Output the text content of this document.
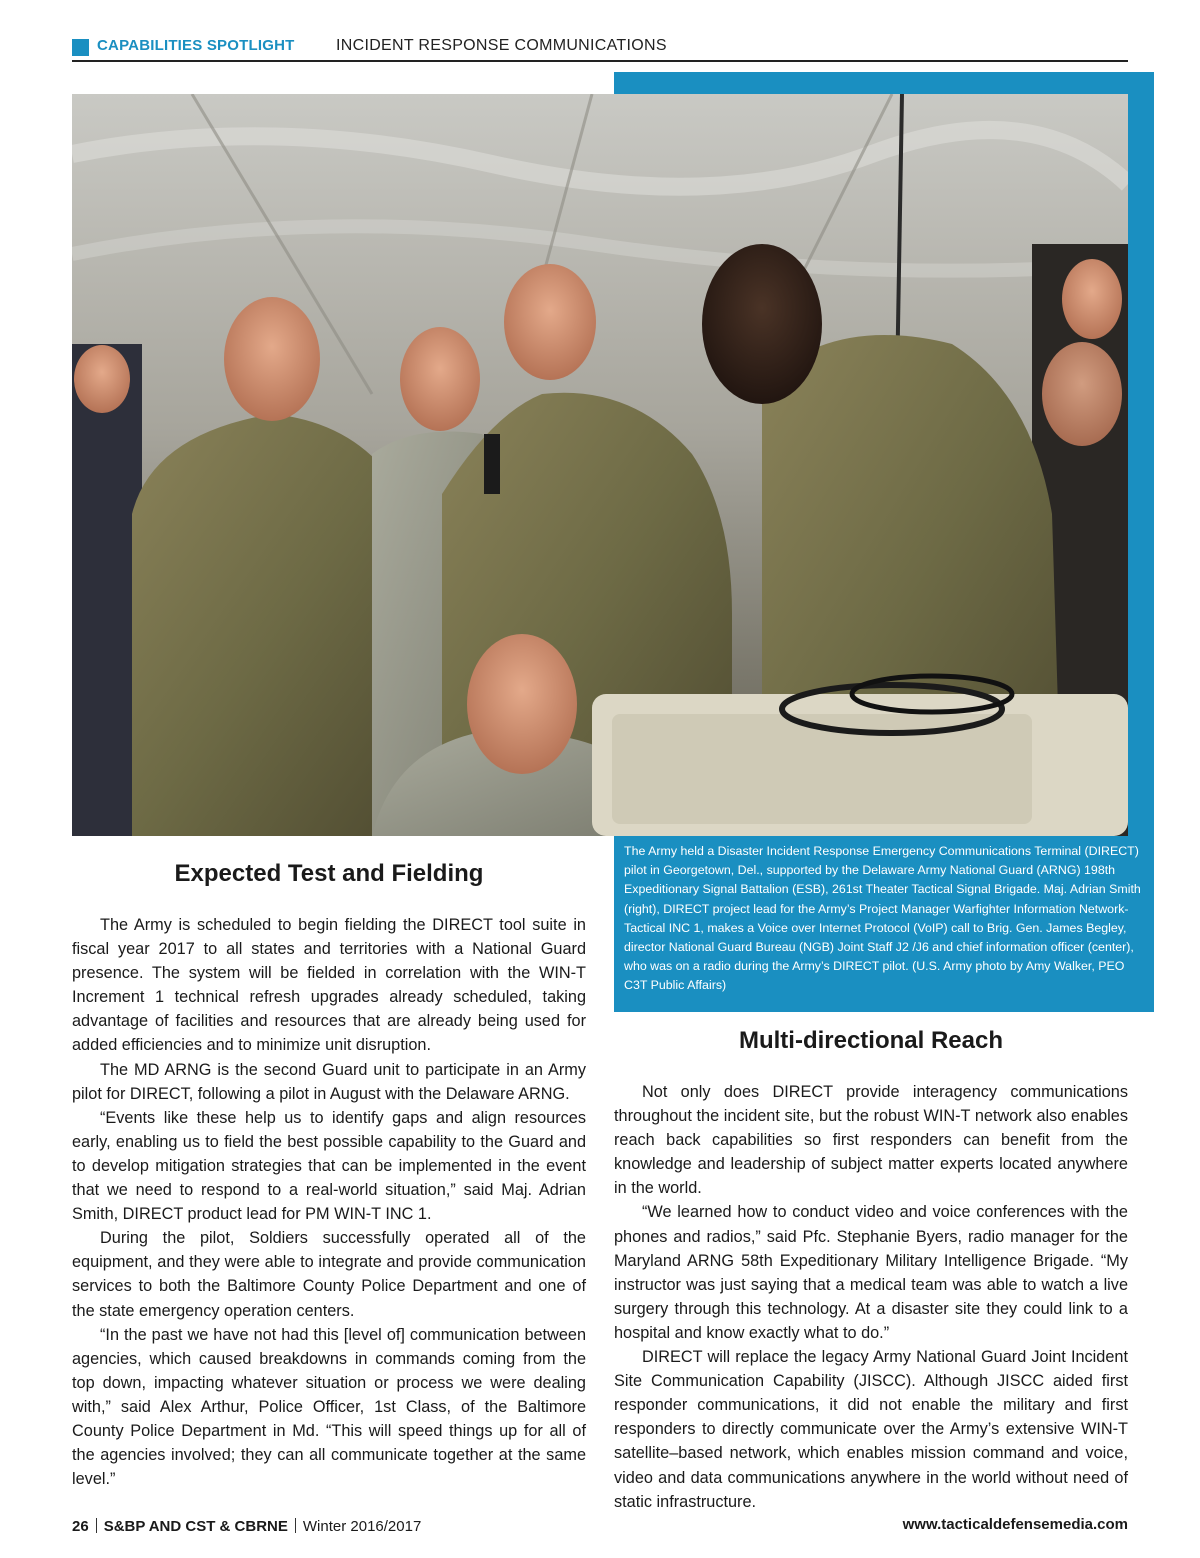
CAPABILITIES SPOTLIGHT	INCIDENT RESPONSE COMMUNICATIONS
The Army held a Disaster Incident Response Emergency Communications Terminal (DIRECT) pilot in Georgetown, Del., supported by the Delaware Army National Guard (ARNG) 198th Expeditionary Signal Battalion (ESB), 261st Theater Tactical Signal Brigade. Maj. Adrian Smith (right), DIRECT project lead for the Army’s Project Manager Warfighter Information Network-Tactical INC 1, makes a Voice over Internet Protocol (VoIP) call to Brig. Gen. James Begley, director National Guard Bureau (NGB) Joint Staff J2 /J6 and chief information officer (center), who was on a radio during the Army’s DIRECT pilot. (U.S. Army photo by Amy Walker, PEO C3T Public Affairs)
Expected Test and Fielding

The Army is scheduled to begin fielding the DIRECT tool suite in fiscal year 2017 to all states and territories with a National Guard presence. The system will be fielded in correlation with the WIN-T Increment 1 technical refresh upgrades already scheduled, taking advantage of facilities and resources that are already being used for added efficiencies and to minimize unit disruption.

The MD ARNG is the second Guard unit to participate in an Army pilot for DIRECT, following a pilot in August with the Delaware ARNG.

“Events like these help us to identify gaps and align resources early, enabling us to field the best possible capability to the Guard and to develop mitigation strategies that can be implemented in the event that we need to respond to a real-world situation,” said Maj. Adrian Smith, DIRECT product lead for PM WIN-T INC 1.

During the pilot, Soldiers successfully operated all of the equipment, and they were able to integrate and provide communication services to both the Baltimore County Police Department and one of the state emergency operation centers.

“In the past we have not had this [level of] communication between agencies, which caused breakdowns in commands coming from the top down, impacting whatever situation or process we were dealing with,” said Alex Arthur, Police Officer, 1st Class, of the Baltimore County Police Department in Md. “This will speed things up for all of the agencies involved; they can all communicate together at the same level.”

Multi-directional Reach

Not only does DIRECT provide interagency communications throughout the incident site, but the robust WIN-T network also enables reach back capabilities so first responders can benefit from the knowledge and leadership of subject matter experts located anywhere in the world.

“We learned how to conduct video and voice conferences with the phones and radios,” said Pfc. Stephanie Byers, radio manager for the Maryland ARNG 58th Expeditionary Military Intelligence Brigade. “My instructor was just saying that a medical team was able to watch a live surgery through this technology. At a disaster site they could link to a hospital and know exactly what to do.”

DIRECT will replace the legacy Army National Guard Joint Incident Site Communication Capability (JISCC). Although JISCC aided first responder communications, it did not enable the military and first responders to directly communicate over the Army’s extensive WIN-T satellite–based network, which enables mission command and voice, video and data communications anywhere in the world without need of static infrastructure.

26 S&BP AND CST & CBRNE Winter 2016/2017	www.tacticaldefensemedia.com
